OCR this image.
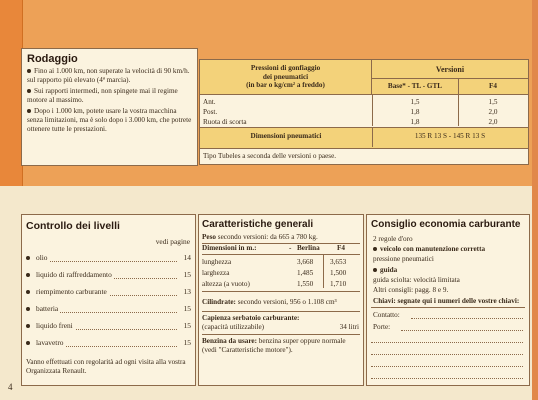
Rodaggio
Fino ai 1.000 km, non superate la velocità di 90 km/h. sul rapporto più elevato (4ª marcia).
Sui rapporti intermedi, non spingete mai il regime motore al massimo.
Dopo i 1.000 km, potete usare la vostra macchina senza limitazioni, ma è solo dopo i 3.000 km, che potrete ottenere tutte le prestazioni.
Pressioni di gonfiaggio
dei pneumatici
(in bar o kg/cm² a freddo)
Versioni
Base* - TL - GTL	F4
Ant.	1,5	1,5
Post.	1,8	2,0
Ruota di scorta	1,8	2,0
Dimensioni pneumatici	135 R 13 S - 145 R 13 S
Tipo Tubeles a seconda delle versioni o paese.
Controllo dei livelli
vedi pagine
olio	14
liquido di raffreddamento	15
riempimento carburante	13
batteria	15
liquido freni	15
lavavetro	15
Vanno effettuati con regolarità ad ogni visita alla vostra Organizzata Renault.
Caratteristiche generali
Peso secondo versioni: da 665 a 780 kg.
Dimensioni in m.:	- Berlina F4
lunghezza	3,668 3,653
larghezza	1,485 1,500
altezza (a vuoto)	1,550 1,710
Cilindrate: secondo versioni, 956 o 1.108 cm³
Capienza serbatoio carburante:
(capacità utilizzabile)	34 litri
Benzina da usare: benzina super oppure normale (vedi "Caratteristiche motore").
Consiglio economia carburante
2 regole d'oro
veicolo con manutenzione corretta
pressione pneumatici
guida
guida sciolta: velocità limitata
Altri consigli: pagg. 8 e 9.
Chiavi: segnate qui i numeri delle vostre chiavi:
Contatto:
Porte:
4
